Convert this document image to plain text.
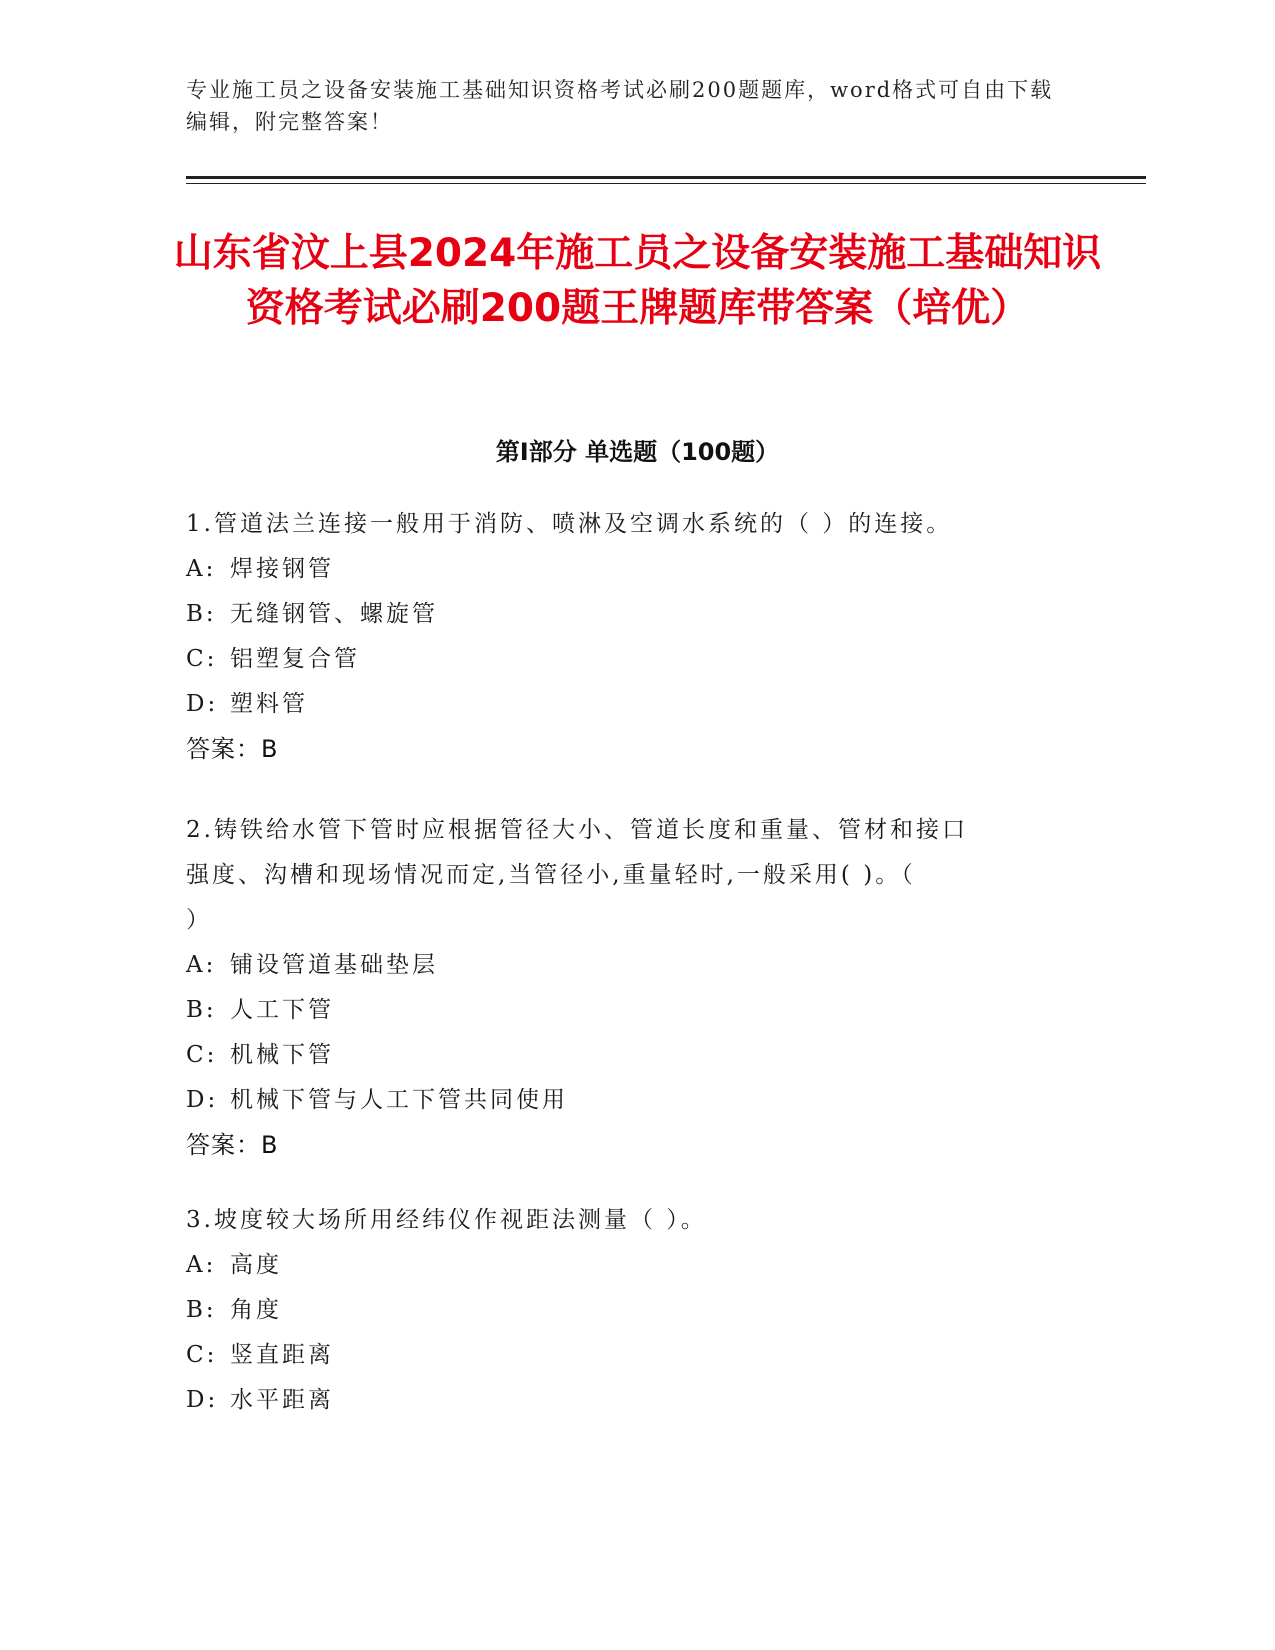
专业施工员之设备安装施工基础知识资格考试必刷200题题库，word格式可自由下载编辑，附完整答案！
山东省汶上县2024年施工员之设备安装施工基础知识资格考试必刷200题王牌题库带答案（培优）
第Ⅰ部分 单选题（100题）
1.管道法兰连接一般用于消防、喷淋及空调水系统的（ ）的连接。
A: 焊接钢管
B: 无缝钢管、螺旋管
C: 铝塑复合管
D: 塑料管
答案：B
2.铸铁给水管下管时应根据管径大小、管道长度和重量、管材和接口
强度、沟槽和现场情况而定,当管径小,重量轻时,一般采用( )。（
）
A: 铺设管道基础垫层
B: 人工下管
C: 机械下管
D: 机械下管与人工下管共同使用
答案：B
3.坡度较大场所用经纬仪作视距法测量（ ）。
A: 高度
B: 角度
C: 竖直距离
D: 水平距离
